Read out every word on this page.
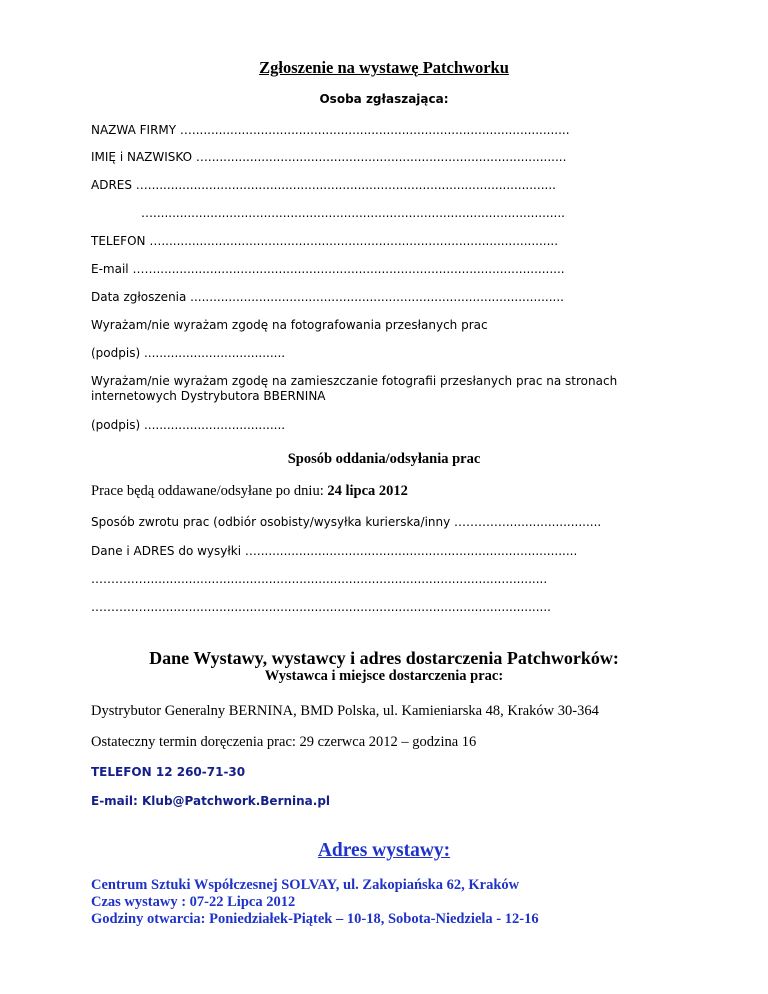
Zgłoszenie na wystawę Patchworku
Osoba zgłaszająca:
NAZWA FIRMY …...................................................................................................
IMIĘ i NAZWISKO …..............................................................................................
ADRES …...........................................................................................................
…............................................................................................................
TELEFON …........................................................................................................
E-mail ……...........................................................................................................
Data zgłoszenia ..................................................................................................
Wyrażam/nie wyrażam zgodę na fotografowania przesłanych prac
(podpis) .....................................
Wyrażam/nie wyrażam zgodę na zamieszczanie fotografii przesłanych prac na stronach
internetowych Dystrybutora BBERNINA
(podpis) .....................................
Sposób oddania/odsyłania prac
Prace będą oddawane/odsyłane po dniu: 24 lipca 2012
Sposób zwrotu prac (odbiór osobisty/wysyłka kurierska/inny ……….….........................
Dane i ADRES do wysyłki …....................................................................................
………..….........................................................................................................
………..…..........................................................................................................
Dane Wystawy, wystawcy i adres dostarczenia Patchworków:
Wystawca i miejsce dostarczenia prac:
Dystrybutor Generalny BERNINA, BMD Polska, ul. Kamieniarska 48, Kraków 30-364
Ostateczny termin doręczenia prac: 29 czerwca 2012 – godzina 16
TELEFON 12 260-71-30
E-mail: Klub@Patchwork.Bernina.pl
Adres wystawy:
Centrum Sztuki Współczesnej SOLVAY, ul. Zakopiańska 62, Kraków
Czas wystawy : 07-22 Lipca 2012
Godziny otwarcia: Poniedziałek-Piątek – 10-18, Sobota-Niedziela - 12-16
